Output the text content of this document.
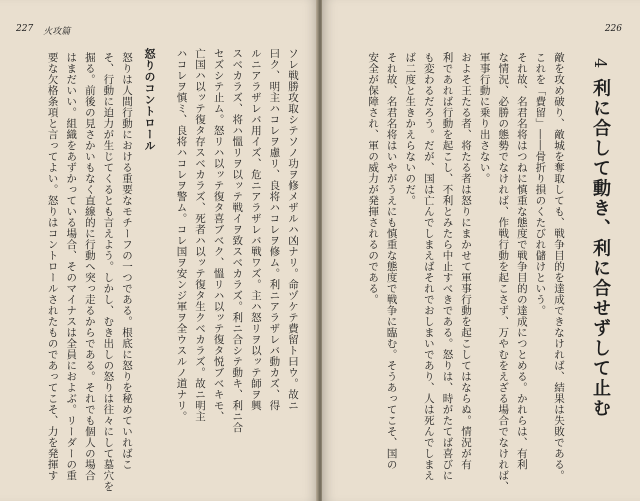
227 火攻篇

ソレ戦勝攻取シテソノ功ヲ修メザルハ凶ナリ。命ヅケテ費留ト曰ウ。故ニ

曰ク、明主ハコレヲ慮リ、良将ハコレヲ修ム。利ニアラザレバ動カズ、得

ルニアラザレバ用イズ、危ニアラザレバ戦ワズ。主ハ怒リヲ以ッテ師ヲ興

スベカラズ、将ハ慍リヲ以ッテ戦イヲ致スベカラズ。利ニ合シテ動キ、利ニ合

セズシテ止ム。怒リハ以ッテ復タ喜ブベク、慍リハ以ッテ復タ悦ブベキモ、

亡国ハ以ッテ復タ存スベカラズ、死者ハ以ッテ復タ生クベカラズ。故ニ明主

ハコレヲ慎ミ、良将ハコレヲ警ム。コレ国ヲ安ンジ軍ヲ全ウスルノ道ナリ。

怒りのコントロール

怒りは人間行動における重要なモチーフの一つである。根底に怒りを秘めていればこ

そ、行動に迫力が生じてくるとも言えよう。しかし、むき出しの怒りは往々にして墓穴を

掘る。前後の見さかいもなく直線的に行動へ突っ走るからである。それでも個人の場合

はまだいい。組織をあずかっている場合、そのマイナスは全員におよぶ。リーダーの重

要な欠格条項と言ってよい。怒りはコントロールされたものであってこそ、力を発揮す

226

4 利に合して動き、利に合せずして止む

敵を攻め破り、敵城を奪取しても、戦争目的を達成できなければ、結果は失敗である。

これを「費留」――骨折り損のくたびれ儲けという。

それ故、名君名将はつねに慎重な態度で戦争目的の達成につとめる。かれらは、有利

な情況、必勝の態勢でなければ、作戦行動を起こさず、万やむをえざる場合でなければ、

軍事行動に乗り出さない。

およそ王たる者、将たる者は怒りにまかせて軍事行動を起こしてはならぬ。情況が有

利であれば行動を起こし、不利とみたら中止すべきである。怒りは、時がたてば喜びに

も変わるだろう。だが、国は亡んでしまえばそれでおしまいであり、人は死んでしまえ

ば二度と生きかえらないのだ。

それ故、名君名将はいやがうえにも慎重な態度で戦争に臨む。そうあってこそ、国の

安全が保障され、軍の威力が発揮されるのである。
